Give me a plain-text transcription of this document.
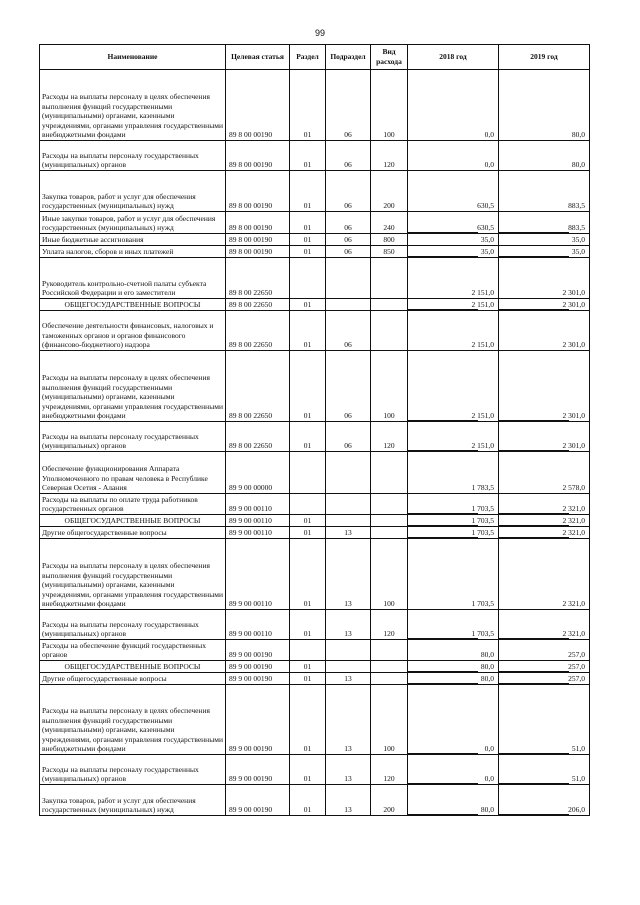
99
Наименование	Целевая статья	Раздел	Подраздел	Вид расхода	2018 год	2019 год
Расходы на выплаты персоналу в целях обеспечения выполнения функций государственными (муниципальными) органами, казенными учреждениями, органами управления государственными внебюджетными фондами	89 8 00 00190	01	06	100	0,0	80,0
Расходы на выплаты персоналу государственных (муниципальных) органов	89 8 00 00190	01	06	120	0,0	80,0
Закупка товаров, работ и услуг для обеспечения государственных (муниципальных) нужд	89 8 00 00190	01	06	200	630,5	883,5
Иные закупки товаров, работ и услуг для обеспечения государственных (муниципальных) нужд	89 8 00 00190	01	06	240	630,5	883,5
Иные бюджетные ассигнования	89 8 00 00190	01	06	800	35,0	35,0
Уплата налогов, сборов и иных платежей	89 8 00 00190	01	06	850	35,0	35,0
Руководитель контрольно-счетной палаты субъекта Российской Федерации и его заместители	89 8 00 22650				2 151,0	2 301,0
ОБЩЕГОСУДАРСТВЕННЫЕ ВОПРОСЫ	89 8 00 22650	01			2 151,0	2 301,0
Обеспечение деятельности финансовых, налоговых и таможенных органов и органов финансового (финансово-бюджетного) надзора	89 8 00 22650	01	06		2 151,0	2 301,0
Расходы на выплаты персоналу в целях обеспечения выполнения функций государственными (муниципальными) органами, казенными учреждениями, органами управления государственными внебюджетными фондами	89 8 00 22650	01	06	100	2 151,0	2 301,0
Расходы на выплаты персоналу государственных (муниципальных) органов	89 8 00 22650	01	06	120	2 151,0	2 301,0
Обеспечение функционирования Аппарата Уполномоченного по правам человека в Республике Северная Осетия - Алания	89 9 00 00000				1 783,5	2 578,0
Расходы на выплаты по оплате труда работников государственных органов	89 9 00 00110				1 703,5	2 321,0
ОБЩЕГОСУДАРСТВЕННЫЕ ВОПРОСЫ	89 9 00 00110	01			1 703,5	2 321,0
Другие общегосударственные вопросы	89 9 00 00110	01	13		1 703,5	2 321,0
Расходы на выплаты персоналу в целях обеспечения выполнения функций государственными (муниципальными) органами, казенными учреждениями, органами управления государственными внебюджетными фондами	89 9 00 00110	01	13	100	1 703,5	2 321,0
Расходы на выплаты персоналу государственных (муниципальных) органов	89 9 00 00110	01	13	120	1 703,5	2 321,0
Расходы на обеспечение функций государственных органов	89 9 00 00190				80,0	257,0
ОБЩЕГОСУДАРСТВЕННЫЕ ВОПРОСЫ	89 9 00 00190	01			80,0	257,0
Другие общегосударственные вопросы	89 9 00 00190	01	13		80,0	257,0
Расходы на выплаты персоналу в целях обеспечения выполнения функций государственными (муниципальными) органами, казенными учреждениями, органами управления государственными внебюджетными фондами	89 9 00 00190	01	13	100	0,0	51,0
Расходы на выплаты персоналу государственных (муниципальных) органов	89 9 00 00190	01	13	120	0,0	51,0
Закупка товаров, работ и услуг для обеспечения государственных (муниципальных) нужд	89 9 00 00190	01	13	200	80,0	206,0
